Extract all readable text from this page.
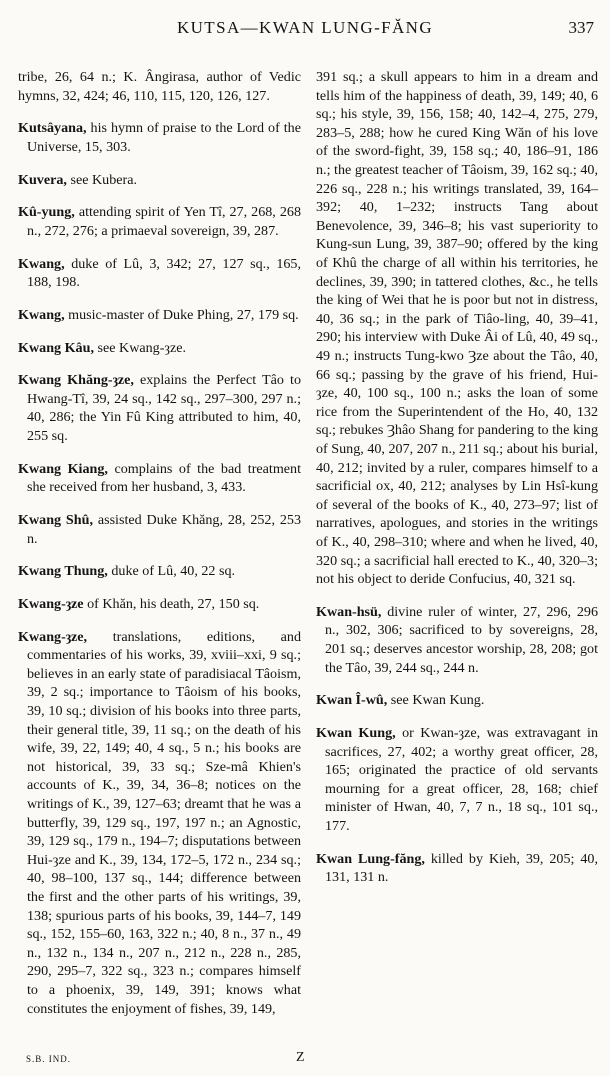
KUTSA—KWAN LUNG-FĂNG	337

tribe, 26, 64 n.; K. Ângirasa, author of Vedic hymns, 32, 424; 46, 110, 115, 120, 126, 127.

Kutsâyana, his hymn of praise to the Lord of the Universe, 15, 303.

Kuvera, see Kubera.

Kû-yung, attending spirit of Yen Tî, 27, 268, 268 n., 272, 276; a primaeval sovereign, 39, 287.

Kwang, duke of Lû, 3, 342; 27, 127 sq., 165, 188, 198.

Kwang, music-master of Duke Phing, 27, 179 sq.

Kwang Kâu, see Kwang-ȝze.

Kwang Khăng-ȝze, explains the Perfect Tâo to Hwang-Tî, 39, 24 sq., 142 sq., 297–300, 297 n.; 40, 286; the Yin Fû King attributed to him, 40, 255 sq.

Kwang Kiang, complains of the bad treatment she received from her husband, 3, 433.

Kwang Shû, assisted Duke Khăng, 28, 252, 253 n.

Kwang Thung, duke of Lû, 40, 22 sq.

Kwang-ȝze of Khăn, his death, 27, 150 sq.

Kwang-ȝze, translations, editions, and commentaries of his works, 39, xviii–xxi, 9 sq.; believes in an early state of paradisiacal Tâoism, 39, 2 sq.; importance to Tâoism of his books, 39, 10 sq.; division of his books into three parts, their general title, 39, 11 sq.; on the death of his wife, 39, 22, 149; 40, 4 sq., 5 n.; his books are not historical, 39, 33 sq.; Sze-mâ Khien's accounts of K., 39, 34, 36–8; notices on the writings of K., 39, 127–63; dreamt that he was a butterfly, 39, 129 sq., 197, 197 n.; an Agnostic, 39, 129 sq., 179 n., 194–7; disputations between Hui-ȝze and K., 39, 134, 172–5, 172 n., 234 sq.; 40, 98–100, 137 sq., 144; difference between the first and the other parts of his writings, 39, 138; spurious parts of his books, 39, 144–7, 149 sq., 152, 155–60, 163, 322 n.; 40, 8 n., 37 n., 49 n., 132 n., 134 n., 207 n., 212 n., 228 n., 285, 290, 295–7, 322 sq., 323 n.; compares himself to a phoenix, 39, 149, 391; knows what constitutes the enjoyment of fishes, 39, 149,

391 sq.; a skull appears to him in a dream and tells him of the happiness of death, 39, 149; 40, 6 sq.; his style, 39, 156, 158; 40, 142–4, 275, 279, 283–5, 288; how he cured King Wăn of his love of the sword-fight, 39, 158 sq.; 40, 186–91, 186 n.; the greatest teacher of Tâoism, 39, 162 sq.; 40, 226 sq., 228 n.; his writings translated, 39, 164–392; 40, 1–232; instructs Tang about Benevolence, 39, 346–8; his vast superiority to Kung-sun Lung, 39, 387–90; offered by the king of Khû the charge of all within his territories, he declines, 39, 390; in tattered clothes, &c., he tells the king of Wei that he is poor but not in distress, 40, 36 sq.; in the park of Tiâo-ling, 40, 39–41, 290; his interview with Duke Âi of Lû, 40, 49 sq., 49 n.; instructs Tung-kwo Ȝze about the Tâo, 40, 66 sq.; passing by the grave of his friend, Hui-ȝze, 40, 100 sq., 100 n.; asks the loan of some rice from the Superintendent of the Ho, 40, 132 sq.; rebukes Ȝhâo Shang for pandering to the king of Sung, 40, 207, 207 n., 211 sq.; about his burial, 40, 212; invited by a ruler, compares himself to a sacrificial ox, 40, 212; analyses by Lin Hsî-kung of several of the books of K., 40, 273–97; list of narratives, apologues, and stories in the writings of K., 40, 298–310; where and when he lived, 40, 320 sq.; a sacrificial hall erected to K., 40, 320–3; not his object to deride Confucius, 40, 321 sq.

Kwan-hsü, divine ruler of winter, 27, 296, 296 n., 302, 306; sacrificed to by sovereigns, 28, 201 sq.; deserves ancestor worship, 28, 208; got the Tâo, 39, 244 sq., 244 n.

Kwan Î-wû, see Kwan Kung.

Kwan Kung, or Kwan-ȝze, was extravagant in sacrifices, 27, 402; a worthy great officer, 28, 165; originated the practice of old servants mourning for a great officer, 28, 168; chief minister of Hwan, 40, 7, 7 n., 18 sq., 101 sq., 177.

Kwan Lung-făng, killed by Kieh, 39, 205; 40, 131, 131 n.

S.B. IND.	Z
